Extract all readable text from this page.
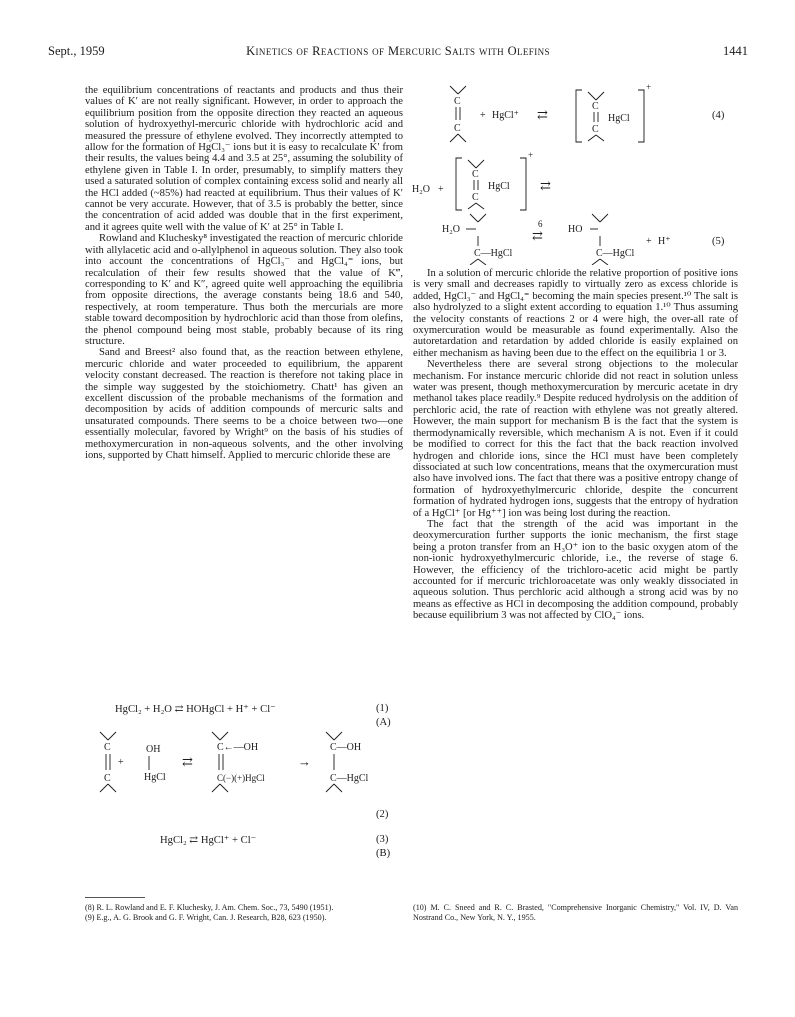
Sept., 1959	Kinetics of Reactions of Mercuric Salts with Olefins	1441

the equilibrium concentrations of reactants and products and thus their values of K′ are not really significant. However, in order to approach the equilibrium position from the opposite direction they reacted an aqueous solution of hydroxyethyl-mercuric chloride with hydrochloric acid and measured the pressure of ethylene evolved. They incorrectly attempted to allow for the formation of HgCl₃⁻ ions but it is easy to recalculate K′ from their results, the values being 4.4 and 3.5 at 25°, assuming the solubility of ethylene given in Table I. In order, presumably, to simplify matters they used a saturated solution of complex containing excess solid and nearly all the HCl added (~85%) had reacted at equilibrium. Thus their values of K′ cannot be very accurate. However, that of 3.5 is probably the better, since the concentration of acid added was double that in the first experiment, and it agrees quite well with the value of K′ at 25° in Table I.

Rowland and Kluchesky⁸ investigated the reaction of mercuric chloride with allylacetic acid and o-allylphenol in aqueous solution. They also took into account the concentrations of HgCl₃⁻ and HgCl₄⁼ ions, but recalculation of their few results showed that the value of K‴, corresponding to K′ and K″, agreed quite well approaching the equilibria from opposite directions, the average constants being 18.6 and 540, respectively, at room temperature. Thus both the mercurials are more stable toward decomposition by hydrochloric acid than those from olefins, the phenol compound being most stable, probably because of its ring structure.

Sand and Breest² also found that, as the reaction between ethylene, mercuric chloride and water proceeded to equilibrium, the apparent velocity constant decreased. The reaction is therefore not taking place in the simple way suggested by the stoichiometry. Chatt¹ has given an excellent discussion of the probable mechanisms of the formation and decomposition by acids of addition compounds of mercuric salts and unsaturated compounds. There seems to be a choice between two—one essentially molecular, favored by Wright⁹ on the basis of his studies of methoxymercuration in non-aqueous solvents, and the other involving ions, supported by Chatt himself. Applied to mercuric chloride these are

HgCl₂ + H₂O ⇄ HOHgCl + H⁺ + Cl⁻	(1)
(A)
C
C
+
OH
HgCl
⇄
C←—OH
C(−)(+)HgCl
→
C—OH
C—HgCl
(2)
HgCl₂ ⇄ HgCl⁺ + Cl⁻	(3)
(B)
C
C
+ HgCl⁺ ⇄
+
C
C
HgCl
H₂O +
+
C
C
HgCl ⇄
H₂O
C—HgCl
6
⇄	HO
C—HgCl
+ H⁺
(4)
(5)

In a solution of mercuric chloride the relative proportion of positive ions is very small and decreases rapidly to virtually zero as excess chloride is added, HgCl₃⁻ and HgCl₄⁼ becoming the main species present.¹⁰ The salt is also hydrolyzed to a slight extent according to equation 1.¹⁰ Thus assuming the velocity constants of reactions 2 or 4 were high, the over-all rate of oxymercuration would be measurable as found experimentally. Also the autoretardation and retardation by added chloride is easily explained on either mechanism as having been due to the effect on the equilibria 1 or 3.

Nevertheless there are several strong objections to the molecular mechanism. For instance mercuric chloride did not react in solution unless water was present, though methoxymercuration by mercuric acetate in dry methanol takes place readily.⁹ Despite reduced hydrolysis on the addition of perchloric acid, the rate of reaction with ethylene was not greatly altered. However, the main support for mechanism B is the fact that the system is thermodynamically reversible, which mechanism A is not. Even if it could be modified to correct for this the fact that the back reaction involved hydrogen and chloride ions, since the HCl must have been completely dissociated at such low concentrations, means that the oxymercuration must also have involved ions. The fact that there was a positive entropy change of formation of hydroxyethylmercuric chloride, despite the concurrent formation of hydrated hydrogen ions, suggests that the entropy of hydration of a HgCl⁺ [or Hg⁺⁺] ion was being lost during the reaction.

The fact that the strength of the acid was important in the deoxymercuration further supports the ionic mechanism, the first stage being a proton transfer from an H₃O⁺ ion to the basic oxygen atom of the non-ionic hydroxyethylmercuric chloride, i.e., the reverse of stage 6. However, the efficiency of the trichloro-acetic acid might be partly accounted for if mercuric trichloroacetate was only weakly dissociated in aqueous solution. Thus perchloric acid although a strong acid was by no means as effective as HCl in decomposing the addition compound, probably because equilibrium 3 was not affected by ClO₄⁻ ions.

(8) R. L. Rowland and E. F. Kluchesky, J. Am. Chem. Soc., 73, 5490 (1951).
(9) E.g., A. G. Brook and G. F. Wright, Can. J. Research, B28, 623 (1950).
(10) M. C. Sneed and R. C. Brasted, "Comprehensive Inorganic Chemistry," Vol. IV, D. Van Nostrand Co., New York, N. Y., 1955.
